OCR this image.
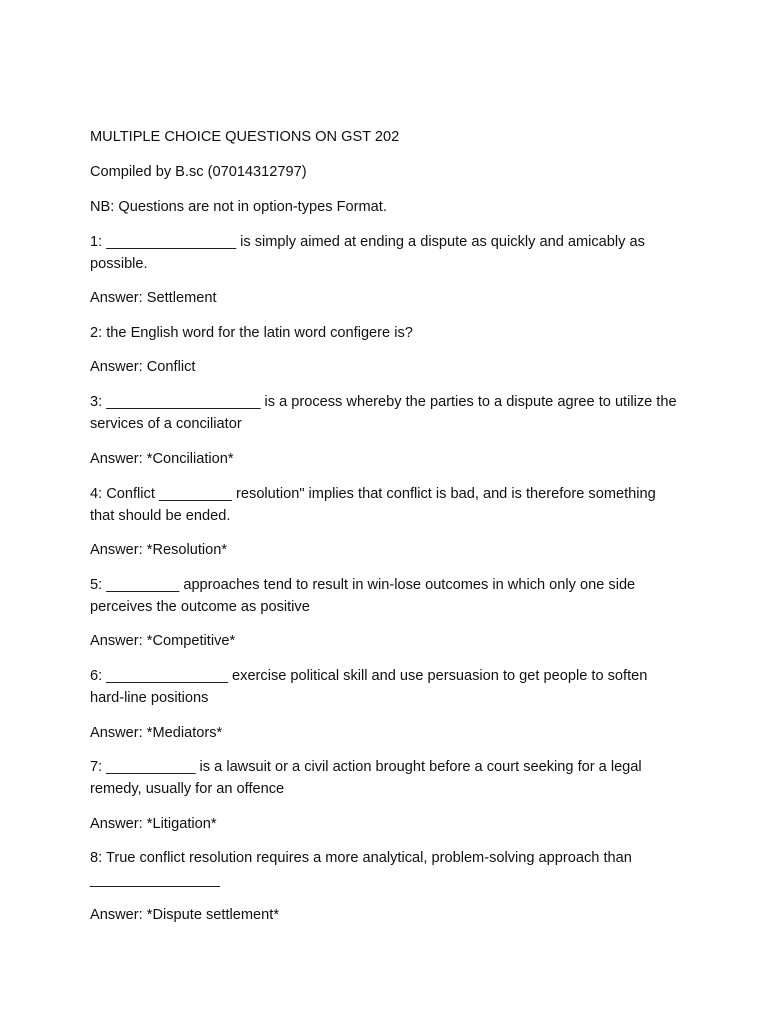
MULTIPLE CHOICE QUESTIONS ON GST 202
Compiled by B.sc (07014312797)
NB: Questions are not in option-types Format.
1: ________________ is simply aimed at ending a dispute as quickly and amicably as
possible.
Answer: Settlement
2: the English word for the latin word configere is?
Answer: Conflict
3: ___________________ is a process whereby the parties to a dispute agree to utilize the
services of a conciliator
Answer: *Conciliation*
4: Conflict _________ resolution" implies that conflict is bad, and is therefore something
that should be ended.
Answer: *Resolution*
5: _________ approaches tend to result in win-lose outcomes in which only one side
perceives the outcome as positive
Answer: *Competitive*
6: _______________ exercise political skill and use persuasion to get people to soften
hard-line positions
Answer: *Mediators*
7: ___________ is a lawsuit or a civil action brought before a court seeking for a legal
remedy, usually for an offence
Answer: *Litigation*
8: True conflict resolution requires a more analytical, problem-solving approach than
________________
Answer: *Dispute settlement*
